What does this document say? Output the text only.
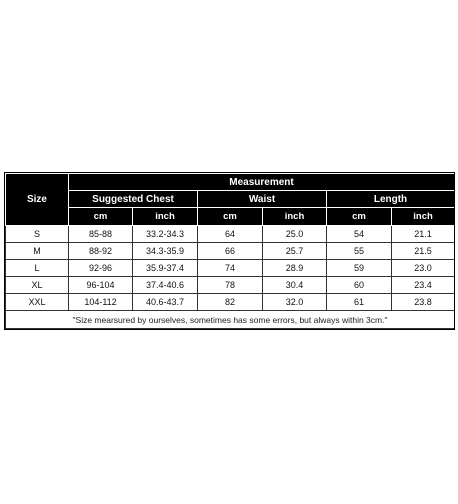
Size	Measurement					
	Suggested Chest		Waist		Length	
	cm	inch	cm	inch	cm	inch
S	85-88	33.2-34.3	64	25.0	54	21.1
M	88-92	34.3-35.9	66	25.7	55	21.5
L	92-96	35.9-37.4	74	28.9	59	23.0
XL	96-104	37.4-40.6	78	30.4	60	23.4
XXL	104-112	40.6-43.7	82	32.0	61	23.8
"Size mearsured by ourselves, sometimes has some errors, but always within 3cm."						
